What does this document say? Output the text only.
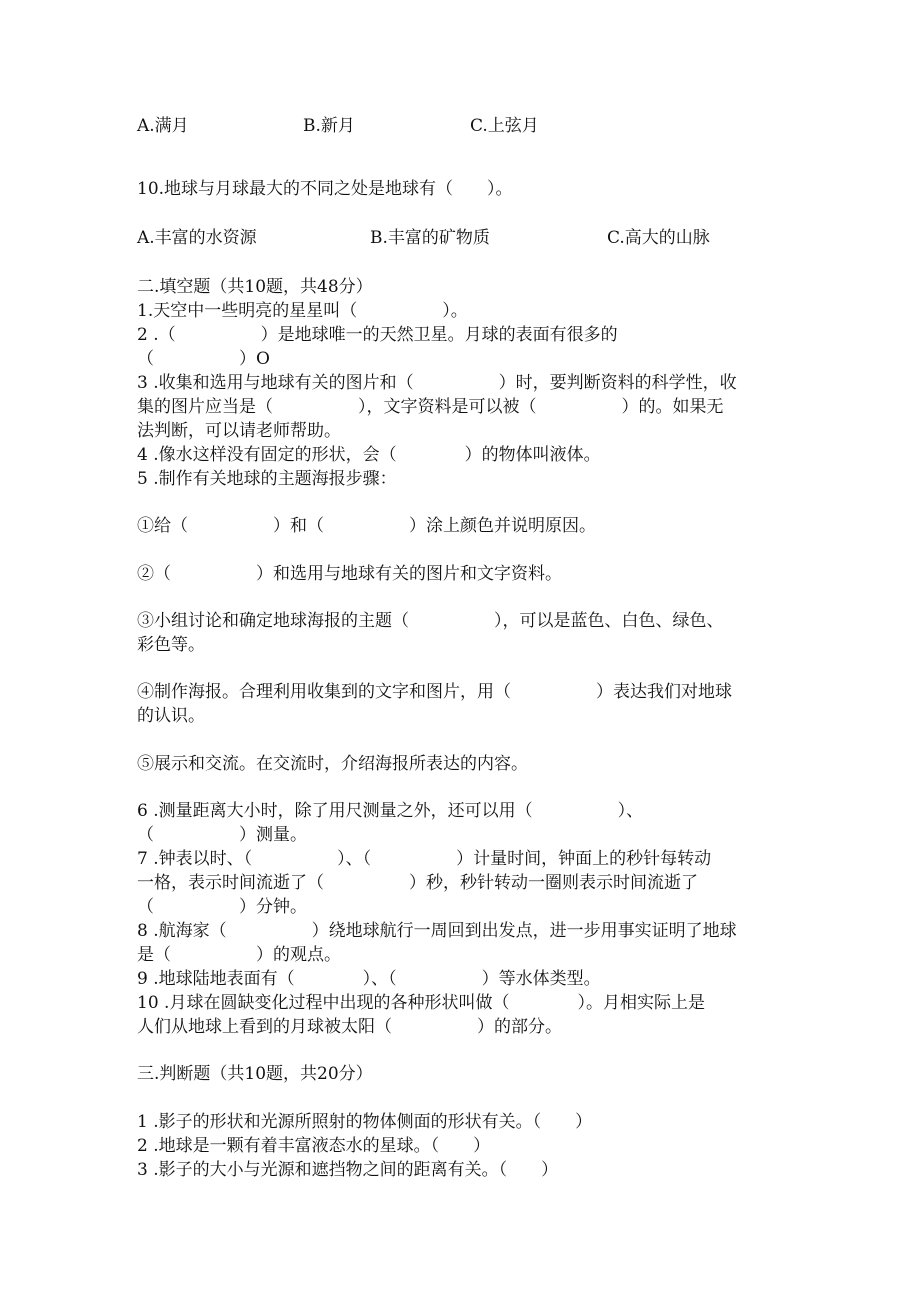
A.满月	B.新月	C.上弦月
10.地球与月球最大的不同之处是地球有（　　）。
A.丰富的水资源	B.丰富的矿物质	C.高大的山脉
二.填空题（共10题，共48分）
1.天空中一些明亮的星星叫（　　　　　）。
2 .（　　　　　）是地球唯一的天然卫星。月球的表面有很多的
（　　　　　）O
3 .收集和选用与地球有关的图片和（　　　　　）时，要判断资料的科学性，收
集的图片应当是（　　　　　），文字资料是可以被（　　　　　）的。如果无
法判断，可以请老师帮助。
4 .像水这样没有固定的形状，会（　　　　）的物体叫液体。
5 .制作有关地球的主题海报步骤：
①给（　　　　　）和（　　　　　）涂上颜色并说明原因。
②（　　　　　）和选用与地球有关的图片和文字资料。
③小组讨论和确定地球海报的主题（　　　　　），可以是蓝色、白色、绿色、
彩色等。
④制作海报。合理利用收集到的文字和图片，用（　　　　　）表达我们对地球
的认识。
⑤展示和交流。在交流时，介绍海报所表达的内容。
6 .测量距离大小时，除了用尺测量之外，还可以用（　　　　　）、
（　　　　　）测量。
7 .钟表以时、（　　　　　）、（　　　　　）计量时间，钟面上的秒针每转动
一格，表示时间流逝了（　　　　　）秒，秒针转动一圈则表示时间流逝了
（　　　　　）分钟。
8 .航海家（　　　　　）绕地球航行一周回到出发点，进一步用事实证明了地球
是（　　　　　）的观点。
9 .地球陆地表面有（　　　　）、（　　　　　）等水体类型。
10 .月球在圆缺变化过程中出现的各种形状叫做（　　　　）。月相实际上是
人们从地球上看到的月球被太阳（　　　　　）的部分。
三.判断题（共10题，共20分）
1 .影子的形状和光源所照射的物体侧面的形状有关。（　　）
2 .地球是一颗有着丰富液态水的星球。（　　）
3 .影子的大小与光源和遮挡物之间的距离有关。（　　）
